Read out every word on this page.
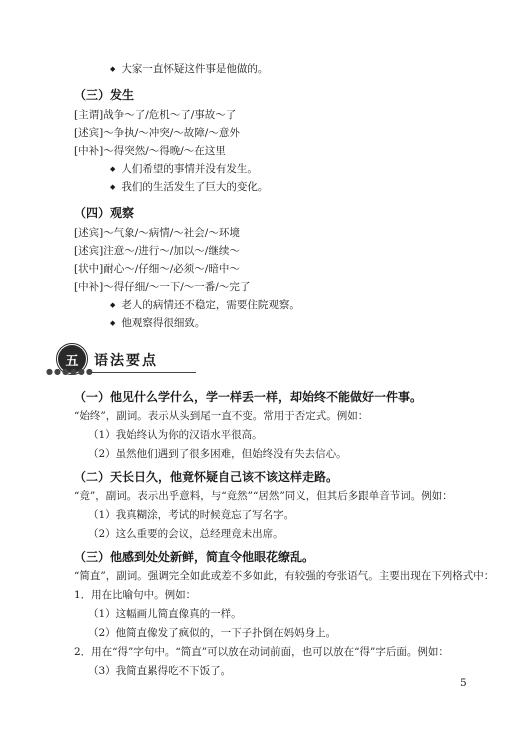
◆ 大家一直怀疑这件事是他做的。
（三）发生
[主谓]战争～了/危机～了/事故～了
[述宾]～争执/～冲突/～故障/～意外
[中补]～得突然/～得晚/～在这里
◆ 人们希望的事情并没有发生。
◆ 我们的生活发生了巨大的变化。
（四）观察
[述宾]～气象/～病情/～社会/～环境
[述宾]注意～/进行～/加以～/继续～
[状中]耐心～/仔细～/必须～/暗中～
[中补]～得仔细/～一下/～一番/～完了
◆ 老人的病情还不稳定，需要住院观察。
◆ 他观察得很细致。
五	语法要点
●●●●●●
（一）他见什么学什么，学一样丢一样，却始终不能做好一件事。
“始终”，副词。表示从头到尾一直不变。常用于否定式。例如：
（1）我始终认为你的汉语水平很高。
（2）虽然他们遇到了很多困难，但始终没有失去信心。
（二）天长日久，他竟怀疑自己该不该这样走路。
“竟”，副词。表示出乎意料，与“竟然”“居然”同义，但其后多跟单音节词。例如：
（1）我真糊涂，考试的时候竟忘了写名字。
（2）这么重要的会议，总经理竟未出席。
（三）他感到处处新鲜，简直令他眼花缭乱。
“简直”，副词。强调完全如此或差不多如此，有较强的夸张语气。主要出现在下列格式中：
1．用在比喻句中。例如：
（1）这幅画儿简直像真的一样。
（2）他简直像发了疯似的，一下子扑倒在妈妈身上。
2．用在“得”字句中。“简直”可以放在动词前面，也可以放在“得”字后面。例如：
（3）我简直累得吃不下饭了。
5
